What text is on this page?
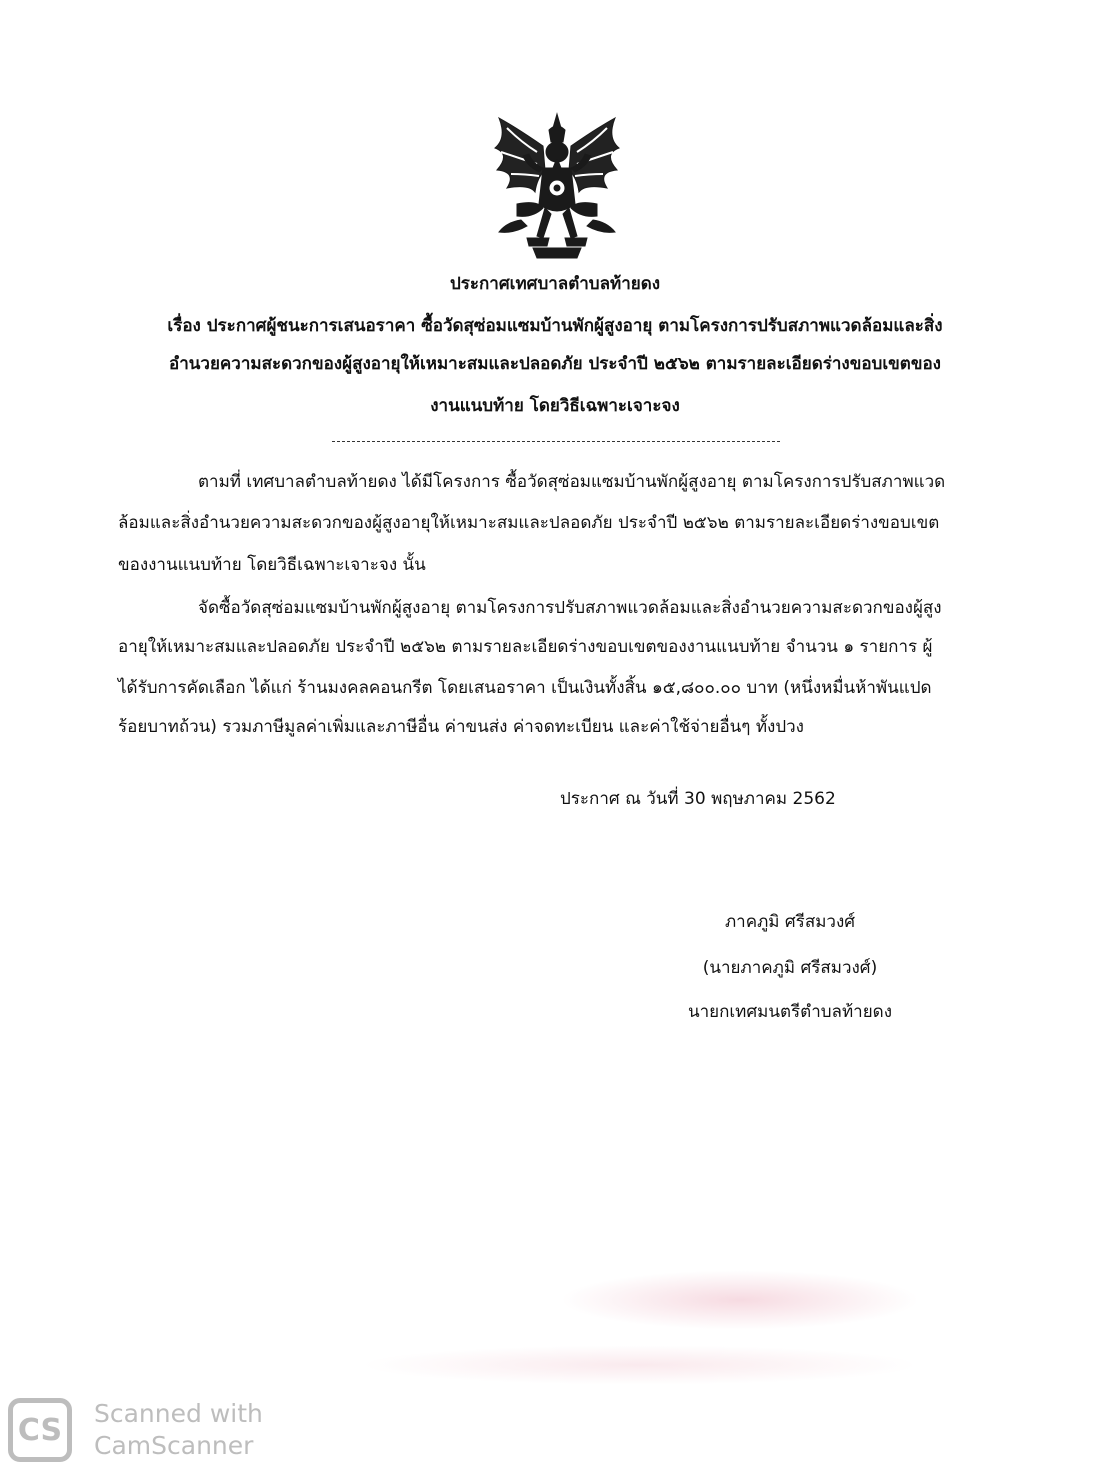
ประกาศเทศบาลตำบลท้ายดง
เรื่อง ประกาศผู้ชนะการเสนอราคา ซื้อวัดสุซ่อมแซมบ้านพักผู้สูงอายุ ตามโครงการปรับสภาพแวดล้อมและสิ่ง
อำนวยความสะดวกของผู้สูงอายุให้เหมาะสมและปลอดภัย ประจำปี ๒๕๖๒ ตามรายละเอียดร่างขอบเขตของ
งานแนบท้าย โดยวิธีเฉพาะเจาะจง
ตามที่ เทศบาลตำบลท้ายดง ได้มีโครงการ ซื้อวัดสุซ่อมแซมบ้านพักผู้สูงอายุ ตามโครงการปรับสภาพแวด
ล้อมและสิ่งอำนวยความสะดวกของผู้สูงอายุให้เหมาะสมและปลอดภัย ประจำปี ๒๕๖๒ ตามรายละเอียดร่างขอบเขต
ของงานแนบท้าย โดยวิธีเฉพาะเจาะจง นั้น
จัดซื้อวัดสุซ่อมแซมบ้านพักผู้สูงอายุ ตามโครงการปรับสภาพแวดล้อมและสิ่งอำนวยความสะดวกของผู้สูง
อายุให้เหมาะสมและปลอดภัย ประจำปี ๒๕๖๒ ตามรายละเอียดร่างขอบเขตของงานแนบท้าย จำนวน ๑ รายการ ผู้
ได้รับการคัดเลือก ได้แก่ ร้านมงคลคอนกรีต โดยเสนอราคา เป็นเงินทั้งสิ้น ๑๕,๘๐๐.๐๐ บาท (หนึ่งหมื่นห้าพันแปด
ร้อยบาทถ้วน) รวมภาษีมูลค่าเพิ่มและภาษีอื่น ค่าขนส่ง ค่าจดทะเบียน และค่าใช้จ่ายอื่นๆ ทั้งปวง
ประกาศ ณ วันที่ 30 พฤษภาคม 2562
ภาคภูมิ ศรีสมวงศ์
(นายภาคภูมิ ศรีสมวงศ์)
นายกเทศมนตรีตำบลท้ายดง
CS	Scanned with
CamScanner
